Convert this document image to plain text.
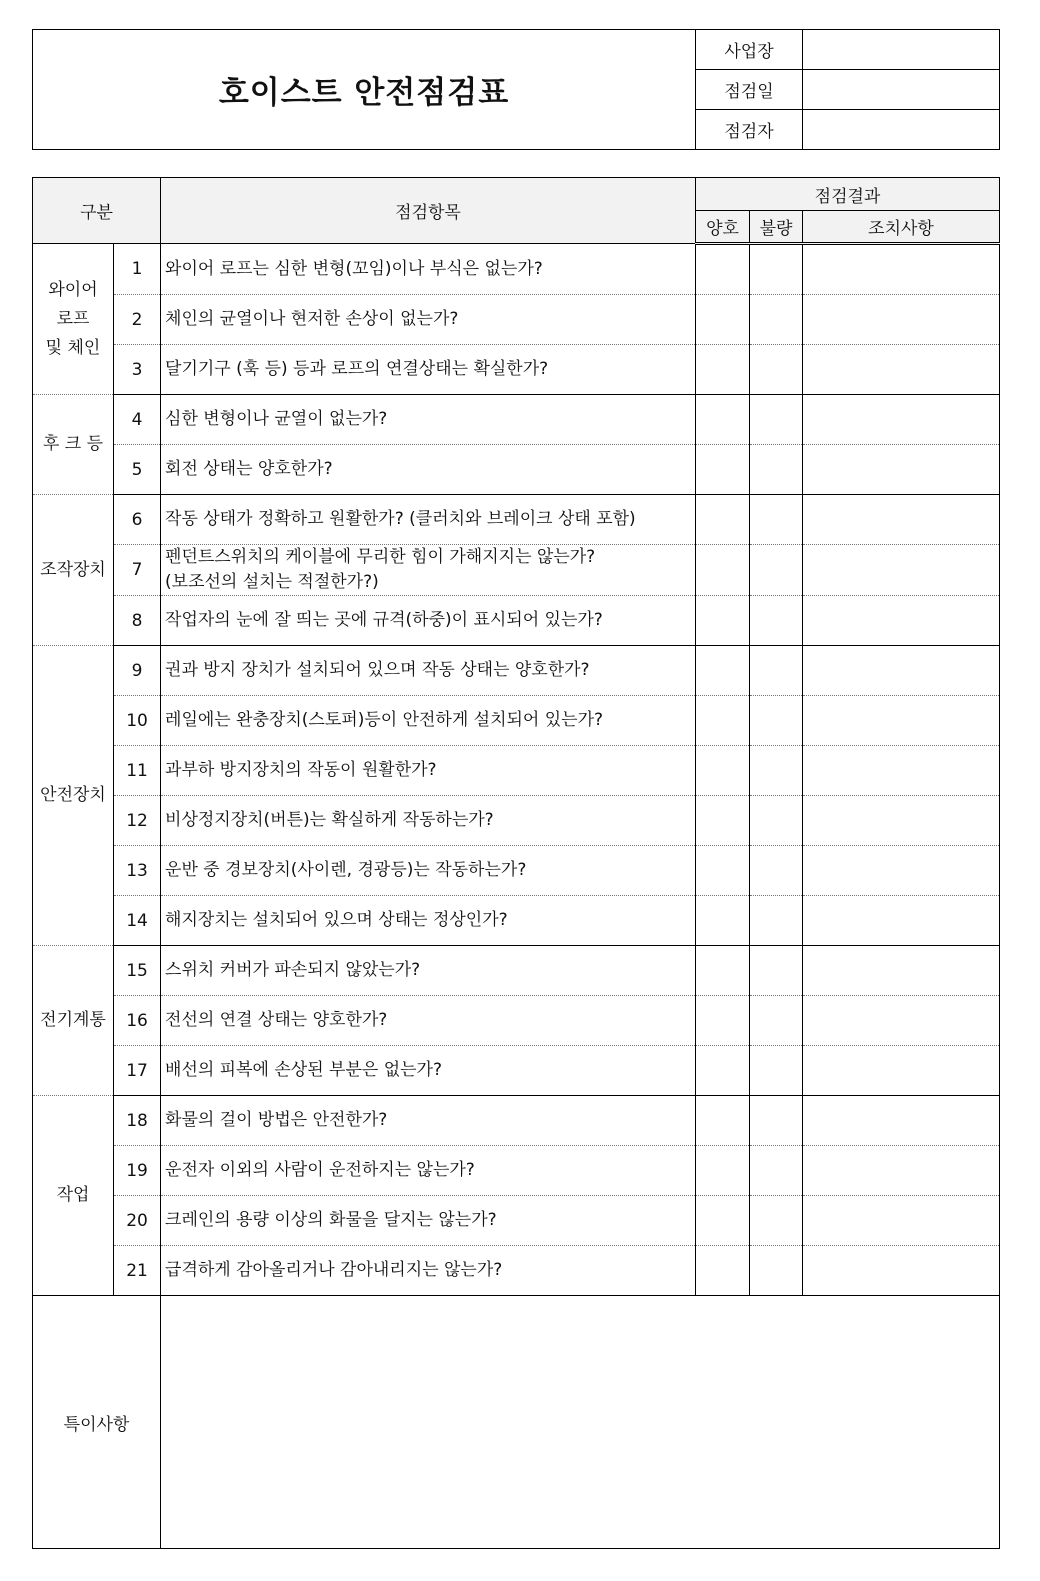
호이스트 안전점검표	사업장	
	점검일	
	점검자	
구분		점검항목	점검결과		
			양호	불량	조치사항
와이어
로프
및 체인	1	와이어 로프는 심한 변형(꼬임)이나 부식은 없는가?			
	2	체인의 균열이나 현저한 손상이 없는가?			
	3	달기기구 (훅 등) 등과 로프의 연결상태는 확실한가?			
후 크 등	4	심한 변형이나 균열이 없는가?			
	5	회전 상태는 양호한가?			
조작장치	6	작동 상태가 정확하고 원활한가? (클러치와 브레이크 상태 포함)			
	7	펜던트스위치의 케이블에 무리한 힘이 가해지지는 않는가?
(보조선의 설치는 적절한가?)			
	8	작업자의 눈에 잘 띄는 곳에 규격(하중)이 표시되어 있는가?			
안전장치	9	권과 방지 장치가 설치되어 있으며 작동 상태는 양호한가?			
	10	레일에는 완충장치(스토퍼)등이 안전하게 설치되어 있는가?			
	11	과부하 방지장치의 작동이 원활한가?			
	12	비상정지장치(버튼)는 확실하게 작동하는가?			
	13	운반 중 경보장치(사이렌, 경광등)는 작동하는가?			
	14	해지장치는 설치되어 있으며 상태는 정상인가?			
전기계통	15	스위치 커버가 파손되지 않았는가?			
	16	전선의 연결 상태는 양호한가?			
	17	배선의 피복에 손상된 부분은 없는가?			
작업	18	화물의 걸이 방법은 안전한가?			
	19	운전자 이외의 사람이 운전하지는 않는가?			
	20	크레인의 용량 이상의 화물을 달지는 않는가?			
	21	급격하게 감아올리거나 감아내리지는 않는가?			
특이사항					
